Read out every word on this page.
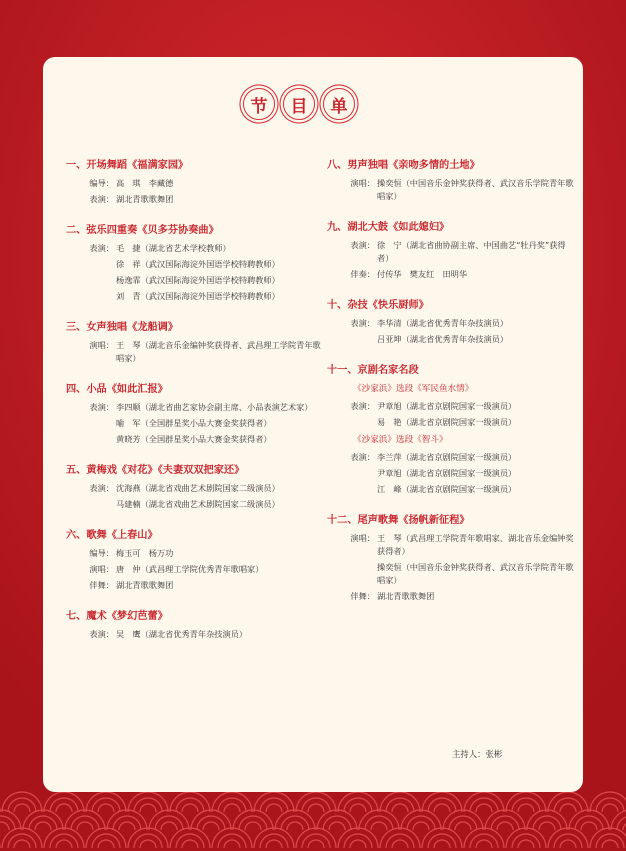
节	目	单
一、开场舞蹈《福满家园》
编导： 高　琪　李藏德
表演： 湖北青歌歌舞团
二、弦乐四重奏《贝多芬协奏曲》
表演： 毛　捷（湖北省艺术学校教师）
徐　祥（武汉国际海淀外国语学校特聘教师）
杨逸霏（武汉国际海淀外国语学校特聘教师）
刘　青（武汉国际海淀外国语学校特聘教师）
三、女声独唱《龙船调》
演唱： 王　琴（湖北音乐金编钟奖获得者、武昌理工学院青年歌唱家）
四、小品《如此汇报》
表演： 李四顺（湖北省曲艺家协会副主席、小品表演艺术家）
喻　军（全国群星奖小品大赛金奖获得者）
黄晓芳（全国群星奖小品大赛金奖获得者）
五、黄梅戏《对花》《夫妻双双把家还》
表演： 沈海燕（湖北省戏曲艺术剧院国家二级演员）
马建楠（湖北省戏曲艺术剧院国家二级演员）
六、歌舞《上春山》
编导： 梅玉可　杨万功
演唱： 唐　仲（武昌理工学院优秀青年歌唱家）
伴舞： 湖北青歌歌舞团
七、魔术《梦幻芭蕾》
表演： 吴　鹰（湖北省优秀青年杂技演员）
八、男声独唱《亲吻多情的土地》
演唱： 操奕恒（中国音乐金钟奖获得者、武汉音乐学院青年歌唱家）
九、湖北大鼓《如此媳妇》
表演： 徐　宁（湖北省曲协副主席、中国曲艺“牡丹奖”获得者）
伴奏： 付传华　樊友红　田明华
十、杂技《快乐厨师》
表演： 李华清（湖北省优秀青年杂技演员）
吕亚坤（湖北省优秀青年杂技演员）
十一、京剧名家名段
《沙家浜》选段《军民鱼水情》
表演： 尹章旭（湖北省京剧院国家一级演员）
易　艳（湖北省京剧院国家一级演员）
《沙家浜》选段《智斗》
表演： 李兰萍（湖北省京剧院国家一级演员）
尹章旭（湖北省京剧院国家一级演员）
江　峰（湖北省京剧院国家一级演员）
十二、尾声歌舞《扬帆新征程》
演唱： 王　琴（武昌理工学院青年歌唱家、湖北音乐金编钟奖获得者）
操奕恒（中国音乐金钟奖获得者、武汉音乐学院青年歌唱家）
伴舞： 湖北青歌歌舞团
主持人：张彬
